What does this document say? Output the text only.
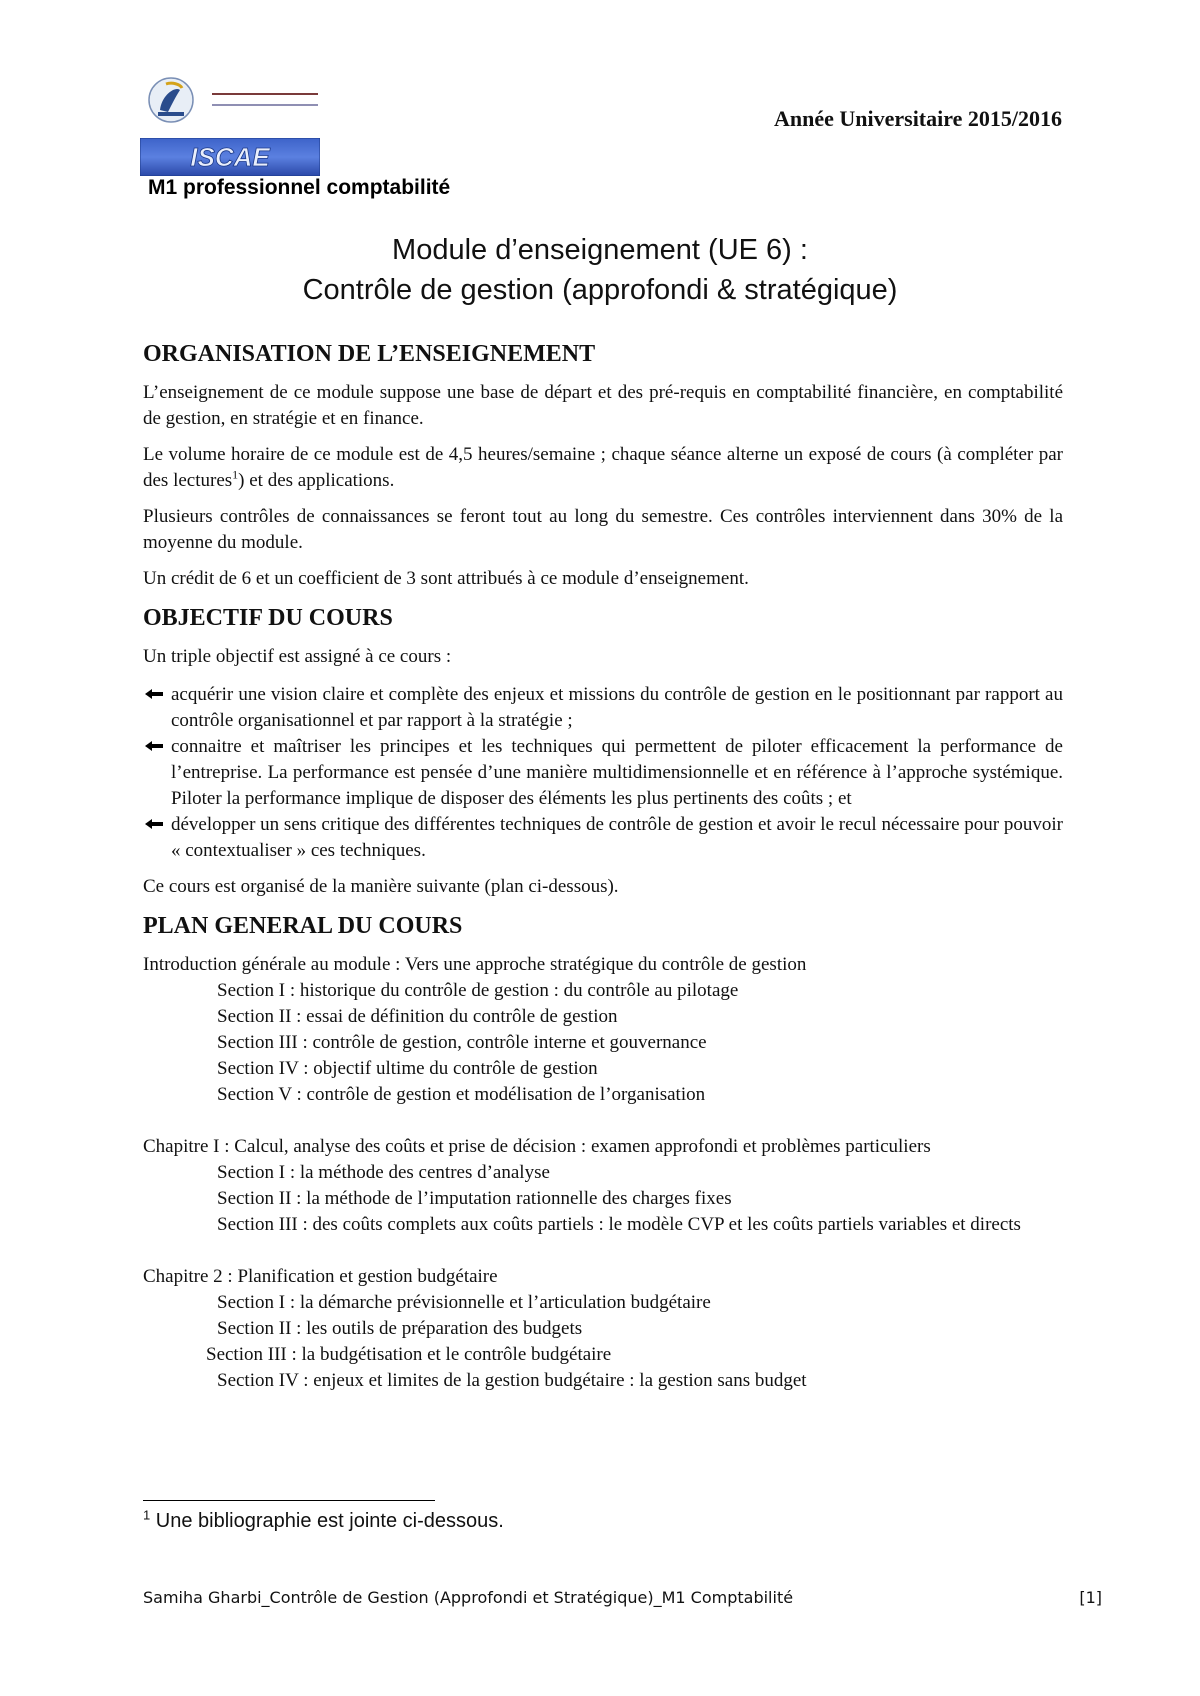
ISCAE
M1 professionnel comptabilité
Année Universitaire 2015/2016
Module d’enseignement (UE 6) :
Contrôle de gestion (approfondi & stratégique)
ORGANISATION DE L’ENSEIGNEMENT

L’enseignement de ce module suppose une base de départ et des pré-requis en comptabilité financière, en comptabilité de gestion, en stratégie et en finance.

Le volume horaire de ce module est de 4,5 heures/semaine ; chaque séance alterne un exposé de cours (à compléter par des lectures$^1$) et des applications.

Plusieurs contrôles de connaissances se feront tout au long du semestre. Ces contrôles interviennent dans 30% de la moyenne du module.

Un crédit de 6 et un coefficient de 3 sont attribués à ce module d’enseignement.

OBJECTIF DU COURS

Un triple objectif est assigné à ce cours :

acquérir une vision claire et complète des enjeux et missions du contrôle de gestion en le positionnant par rapport au contrôle organisationnel et par rapport à la stratégie ;
connaitre et maîtriser les principes et les techniques qui permettent de piloter efficacement la performance de l’entreprise. La performance est pensée d’une manière multidimensionnelle et en référence à l’approche systémique. Piloter la performance implique de disposer des éléments les plus pertinents des coûts ; et
développer un sens critique des différentes techniques de contrôle de gestion et avoir le recul nécessaire pour pouvoir « contextualiser » ces techniques.

Ce cours est organisé de la manière suivante (plan ci-dessous).

PLAN GENERAL DU COURS
Introduction générale au module : Vers une approche stratégique du contrôle de gestion
Section I : historique du contrôle de gestion : du contrôle au pilotage
Section II : essai de définition du contrôle de gestion
Section III : contrôle de gestion, contrôle interne et gouvernance
Section IV : objectif ultime du contrôle de gestion
Section V : contrôle de gestion et modélisation de l’organisation
Chapitre I : Calcul, analyse des coûts et prise de décision : examen approfondi et problèmes particuliers
Section I : la méthode des centres d’analyse
Section II : la méthode de l’imputation rationnelle des charges fixes
Section III : des coûts complets aux coûts partiels : le modèle CVP et les coûts partiels variables et directs
Chapitre 2 : Planification et gestion budgétaire
Section I : la démarche prévisionnelle et l’articulation budgétaire
Section II : les outils de préparation des budgets
Section III : la budgétisation et le contrôle budgétaire
Section IV : enjeux et limites de la gestion budgétaire : la gestion sans budget
$^1$ Une bibliographie est jointe ci-dessous.
Samiha Gharbi_Contrôle de Gestion (Approfondi et Stratégique)_M1 Comptabilité	[1]
